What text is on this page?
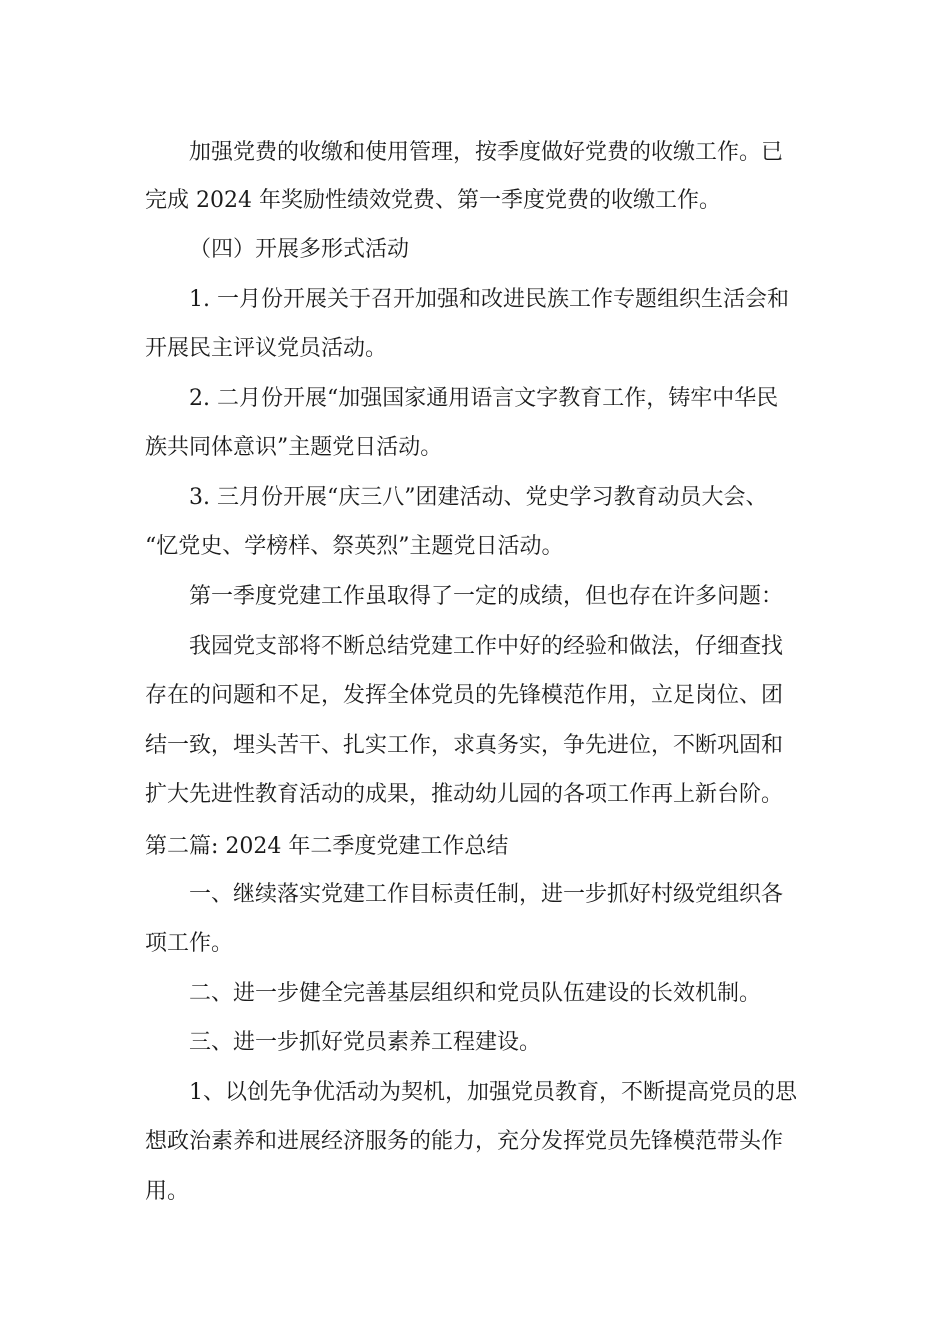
加强党费的收缴和使用管理，按季度做好党费的收缴工作。已
完成 2024 年奖励性绩效党费、第一季度党费的收缴工作。
（四）开展多形式活动
1. 一月份开展关于召开加强和改进民族工作专题组织生活会和
开展民主评议党员活动。
2. 二月份开展“加强国家通用语言文字教育工作，铸牢中华民
族共同体意识”主题党日活动。
3. 三月份开展“庆三八”团建活动、党史学习教育动员大会、
“忆党史、学榜样、祭英烈”主题党日活动。
第一季度党建工作虽取得了一定的成绩，但也存在许多问题：
我园党支部将不断总结党建工作中好的经验和做法，仔细查找
存在的问题和不足，发挥全体党员的先锋模范作用，立足岗位、团
结一致，埋头苦干、扎实工作，求真务实，争先进位，不断巩固和
扩大先进性教育活动的成果，推动幼儿园的各项工作再上新台阶。
第二篇: 2024 年二季度党建工作总结
一、继续落实党建工作目标责任制，进一步抓好村级党组织各
项工作。
二、进一步健全完善基层组织和党员队伍建设的长效机制。
三、进一步抓好党员素养工程建设。
1、以创先争优活动为契机，加强党员教育，不断提高党员的思
想政治素养和进展经济服务的能力，充分发挥党员先锋模范带头作
用。
